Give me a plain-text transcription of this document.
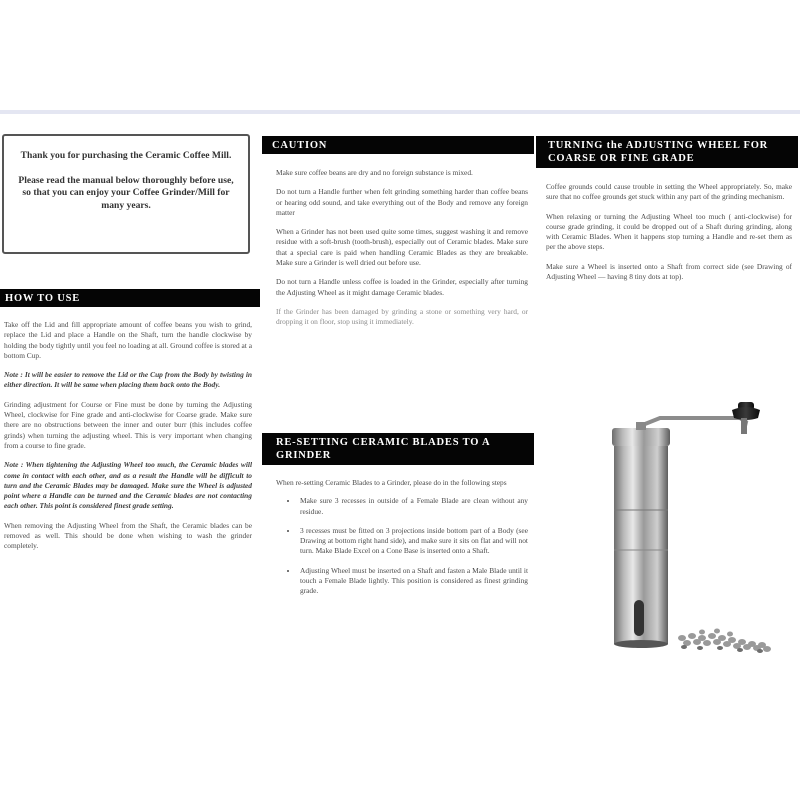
Thank you for purchasing the Ceramic Coffee Mill.

Please read the manual below thoroughly before use, so that you can enjoy your Coffee Grinder/Mill for many years.

HOW TO USE

Take off the Lid and fill appropriate amount of coffee beans you wish to grind, replace the Lid and place a Handle on the Shaft, turn the handle clockwise by holding the body tightly until you feel no loading at all. Ground coffee is stored at a bottom Cup.

Note : It will be easier to remove the Lid or the Cup from the Body by twisting in either direction. It will be same when placing them back onto the Body.

Grinding adjustment for Course or Fine must be done by turning the Adjusting Wheel, clockwise for Fine grade and anti-clockwise for Coarse grade. Make sure there are no obstructions between the inner and outer burr (this includes coffee grinds) when turning the adjusting wheel. This is very important when changing from a course to fine grade.

Note : When tightening the Adjusting Wheel too much, the Ceramic blades will come in contact with each other, and as a result the Handle will be difficult to turn and the Ceramic Blades may be damaged. Make sure the Wheel is adjusted point where a Handle can be turned and the Ceramic blades are not contacting each other. This point is considered finest grade setting.

When removing the Adjusting Wheel from the Shaft, the Ceramic blades can be removed as well. This should be done when wishing to wash the grinder completely.

CAUTION

Make sure coffee beans are dry and no foreign substance is mixed.

Do not turn a Handle further when felt grinding something harder than coffee beans or hearing odd sound, and take everything out of the Body and remove any foreign matter

When a Grinder has not been used quite some times, suggest washing it and remove residue with a soft-brush (tooth-brush), especially out of Ceramic blades. Make sure that a special care is paid when handling Ceramic Blades as they are breakable. Make sure a Grinder is well dried out before use.

Do not turn a Handle unless coffee is loaded in the Grinder, especially after turning the Adjusting Wheel as it might damage Ceramic blades.

If the Grinder has been damaged by grinding a stone or something very hard, or dropping it on floor, stop using it immediately.

RE-SETTING CERAMIC BLADES TO A GRINDER
When re-setting Ceramic Blades to a Grinder, please do in the following steps
• Make sure 3 recesses in outside of a Female Blade are clean without any residue.
• 3 recesses must be fitted on 3 projections inside bottom part of a Body (see Drawing at bottom right hand side), and make sure it sits on flat and will not turn. Make Blade Excel on a Cone Base is inserted onto a Shaft.
• Adjusting Wheel must be inserted on a Shaft and fasten a Male Blade until it touch a Female Blade lightly. This position is considered as finest grinding grade.
TURNING the ADJUSTING WHEEL FOR COARSE OR FINE GRADE

Coffee grounds could cause trouble in setting the Wheel appropriately. So, make sure that no coffee grounds get stuck within any part of the grinding mechanism.

When relaxing or turning the Adjusting Wheel too much ( anti-clockwise) for course grade grinding, it could be dropped out of a Shaft during grinding, along with Ceramic Blades. When it happens stop turning a Handle and re-set them as per the above steps.

Make sure a Wheel is inserted onto a Shaft from correct side (see Drawing of Adjusting Wheel — having 8 tiny dots at top).
